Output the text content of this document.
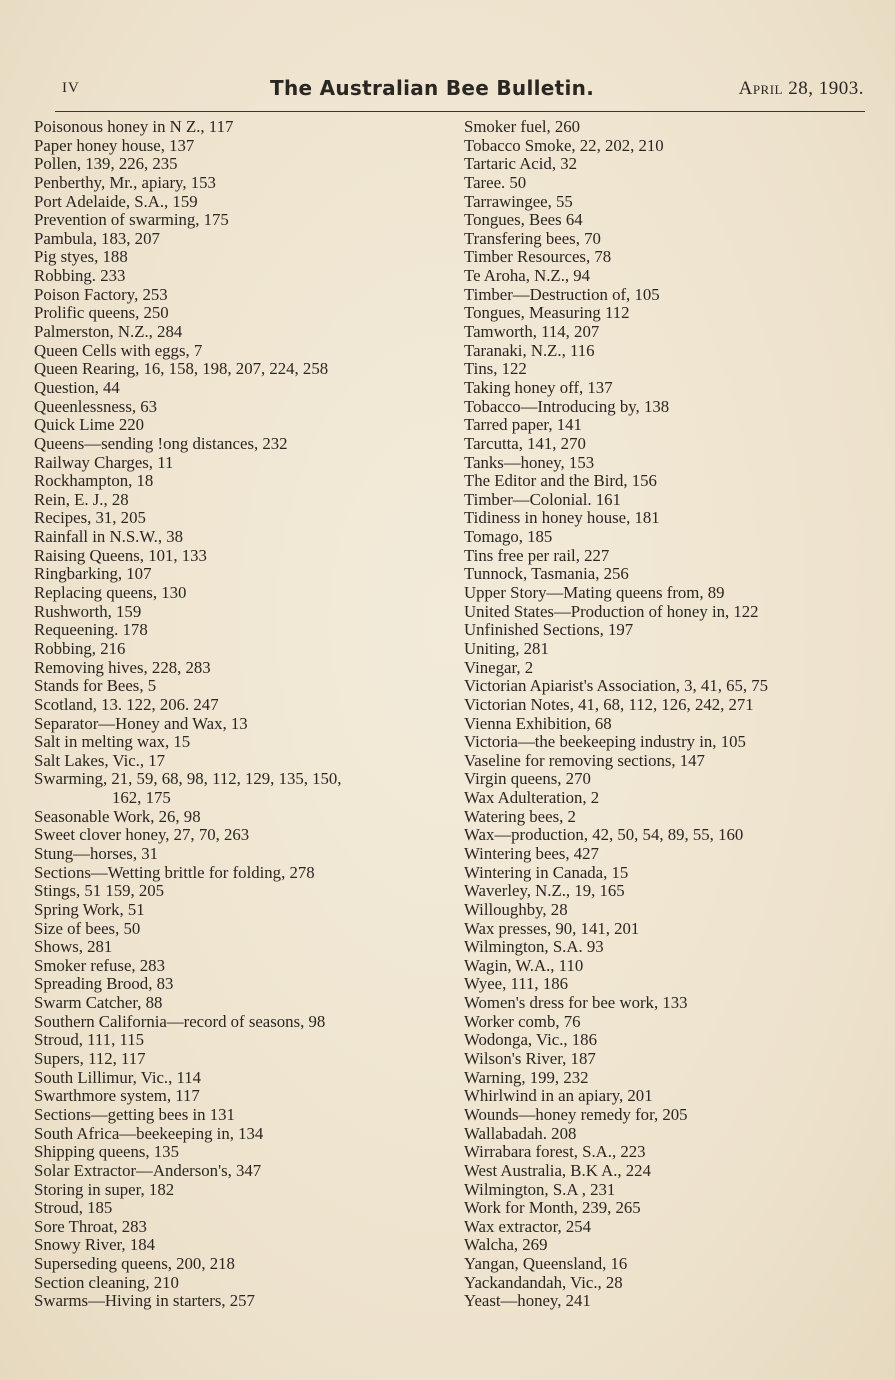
IV	The Australian Bee Bulletin.	April 28, 1903.
Poisonous honey in N Z., 117
Paper honey house, 137
Pollen, 139, 226, 235
Penberthy, Mr., apiary, 153
Port Adelaide, S.A., 159
Prevention of swarming, 175
Pambula, 183, 207
Pig styes, 188
Robbing. 233
Poison Factory, 253
Prolific queens, 250
Palmerston, N.Z., 284
Queen Cells with eggs, 7
Queen Rearing, 16, 158, 198, 207, 224, 258
Question, 44
Queenlessness, 63
Quick Lime 220
Queens—sending !ong distances, 232
Railway Charges, 11
Rockhampton, 18
Rein, E. J., 28
Recipes, 31, 205
Rainfall in N.S.W., 38
Raising Queens, 101, 133
Ringbarking, 107
Replacing queens, 130
Rushworth, 159
Requeening. 178
Robbing, 216
Removing hives, 228, 283
Stands for Bees, 5
Scotland, 13. 122, 206. 247
Separator—Honey and Wax, 13
Salt in melting wax, 15
Salt Lakes, Vic., 17
Swarming, 21, 59, 68, 98, 112, 129, 135, 150,
162, 175
Seasonable Work, 26, 98
Sweet clover honey, 27, 70, 263
Stung—horses, 31
Sections—Wetting brittle for folding, 278
Stings, 51 159, 205
Spring Work, 51
Size of bees, 50
Shows, 281
Smoker refuse, 283
Spreading Brood, 83
Swarm Catcher, 88
Southern California—record of seasons, 98
Stroud, 111, 115
Supers, 112, 117
South Lillimur, Vic., 114
Swarthmore system, 117
Sections—getting bees in 131
South Africa—beekeeping in, 134
Shipping queens, 135
Solar Extractor—Anderson's, 347
Storing in super, 182
Stroud, 185
Sore Throat, 283
Snowy River, 184
Superseding queens, 200, 218
Section cleaning, 210
Swarms—Hiving in starters, 257
Smoker fuel, 260
Tobacco Smoke, 22, 202, 210
Tartaric Acid, 32
Taree. 50
Tarrawingee, 55
Tongues, Bees 64
Transfering bees, 70
Timber Resources, 78
Te Aroha, N.Z., 94
Timber—Destruction of, 105
Tongues, Measuring 112
Tamworth, 114, 207
Taranaki, N.Z., 116
Tins, 122
Taking honey off, 137
Tobacco—Introducing by, 138
Tarred paper, 141
Tarcutta, 141, 270
Tanks—honey, 153
The Editor and the Bird, 156
Timber—Colonial. 161
Tidiness in honey house, 181
Tomago, 185
Tins free per rail, 227
Tunnock, Tasmania, 256
Upper Story—Mating queens from, 89
United States—Production of honey in, 122
Unfinished Sections, 197
Uniting, 281
Vinegar, 2
Victorian Apiarist's Association, 3, 41, 65, 75
Victorian Notes, 41, 68, 112, 126, 242, 271
Vienna Exhibition, 68
Victoria—the beekeeping industry in, 105
Vaseline for removing sections, 147
Virgin queens, 270
Wax Adulteration, 2
Watering bees, 2
Wax—production, 42, 50, 54, 89, 55, 160
Wintering bees, 427
Wintering in Canada, 15
Waverley, N.Z., 19, 165
Willoughby, 28
Wax presses, 90, 141, 201
Wilmington, S.A. 93
Wagin, W.A., 110
Wyee, 111, 186
Women's dress for bee work, 133
Worker comb, 76
Wodonga, Vic., 186
Wilson's River, 187
Warning, 199, 232
Whirlwind in an apiary, 201
Wounds—honey remedy for, 205
Wallabadah. 208
Wirrabara forest, S.A., 223
West Australia, B.K A., 224
Wilmington, S.A , 231
Work for Month, 239, 265
Wax extractor, 254
Walcha, 269
Yangan, Queensland, 16
Yackandandah, Vic., 28
Yeast—honey, 241
